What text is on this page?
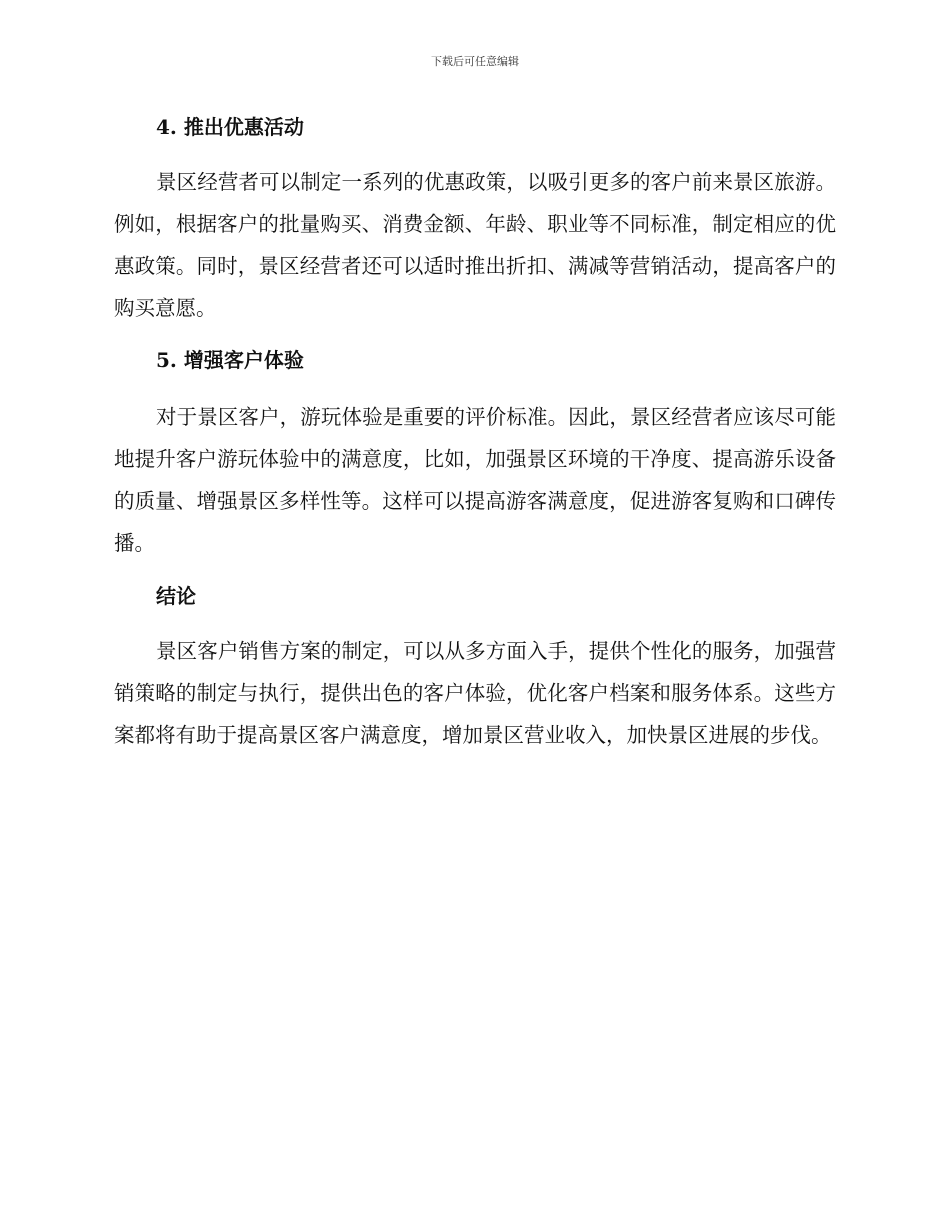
下载后可任意编辑
4. 推出优惠活动

景区经营者可以制定一系列的优惠政策，以吸引更多的客户前来景区旅游。例如，根据客户的批量购买、消费金额、年龄、职业等不同标准，制定相应的优惠政策。同时，景区经营者还可以适时推出折扣、满减等营销活动，提高客户的购买意愿。

5. 增强客户体验

对于景区客户，游玩体验是重要的评价标准。因此，景区经营者应该尽可能地提升客户游玩体验中的满意度，比如，加强景区环境的干净度、提高游乐设备的质量、增强景区多样性等。这样可以提高游客满意度，促进游客复购和口碑传播。

结论

景区客户销售方案的制定，可以从多方面入手，提供个性化的服务，加强营销策略的制定与执行，提供出色的客户体验，优化客户档案和服务体系。这些方案都将有助于提高景区客户满意度，增加景区营业收入，加快景区进展的步伐。
